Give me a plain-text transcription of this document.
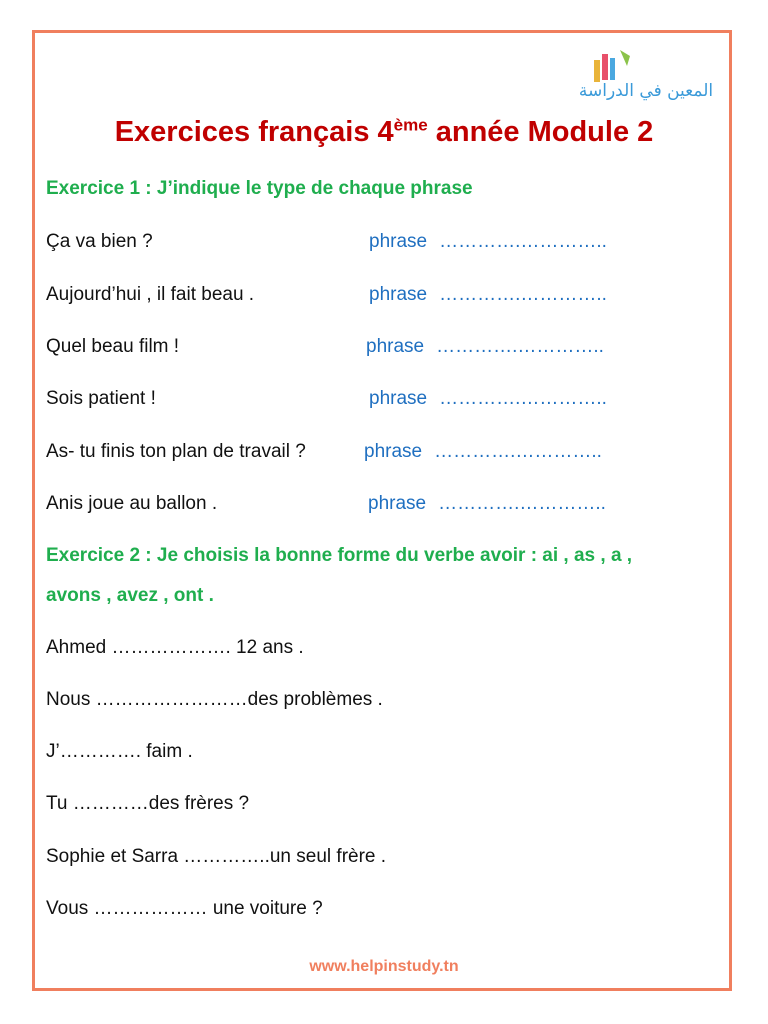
المعين في الدراسة
Exercices français 4ème année Module 2
Exercice 1 : J’indique le type de chaque phrase
Ça va bien ?	phrase ………….…………..
Aujourd’hui , il fait beau .	phrase ………….…………..
Quel beau film !	phrase ………….…………..
Sois patient !	phrase ………….…………..
As- tu finis ton plan de travail ?	phrase ………….…………..
Anis joue au ballon .	phrase ………….…………..
Exercice 2 : Je choisis la bonne forme du verbe avoir : ai , as , a ,
avons , avez , ont .
Ahmed ………………. 12 ans .
Nous ……………………des problèmes .
J’…………. faim .
Tu …………des frères ?
Sophie et Sarra …………..un seul frère .
Vous ……………… une voiture ?
www.helpinstudy.tn
